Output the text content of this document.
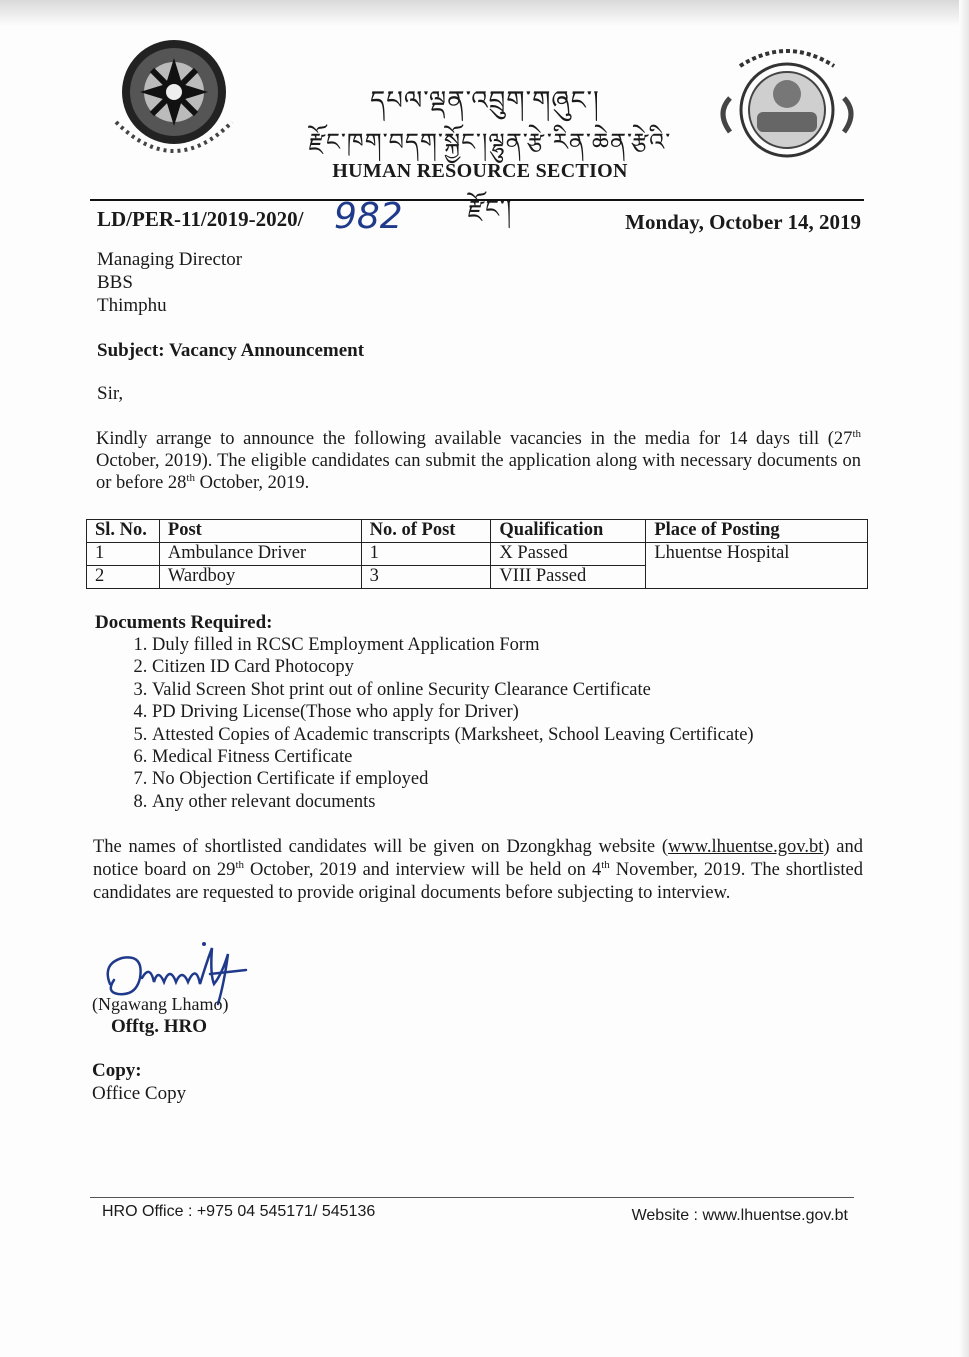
དཔལ་ལྡན་འབྲུག་གཞུང་།
རྫོང་ཁག་བདག་སྐྱོང་།ལྷུན་རྩེ་རིན་ཆེན་རྩེའི་རྫོང་།
HUMAN RESOURCE SECTION
LD/PER-11/2019-2020/ 982	Monday, October 14, 2019
Managing Director
BBS
Thimphu
Subject: Vacancy Announcement
Sir,
Kindly arrange to announce the following available vacancies in the media for 14 days till (27th October, 2019). The eligible candidates can submit the application along with necessary documents on or before 28th October, 2019.
Sl. No.	Post	No. of Post	Qualification	Place of Posting
1	Ambulance Driver	1	X Passed	Lhuentse Hospital
2	Wardboy	3	VIII Passed	
Documents Required:
1. Duly filled in RCSC Employment Application Form
2. Citizen ID Card Photocopy
3. Valid Screen Shot print out of online Security Clearance Certificate
4. PD Driving License(Those who apply for Driver)
5. Attested Copies of Academic transcripts (Marksheet, School Leaving Certificate)
6. Medical Fitness Certificate
7. No Objection Certificate if employed
8. Any other relevant documents
The names of shortlisted candidates will be given on Dzongkhag website (www.lhuentse.gov.bt) and notice board on 29th October, 2019 and interview will be held on 4th November, 2019. The shortlisted candidates are requested to provide original documents before subjecting to interview.
(Ngawang Lhamo)
Offtg. HRO
Copy:
Office Copy
HRO Office : +975 04 545171/ 545136	Website : www.lhuentse.gov.bt
